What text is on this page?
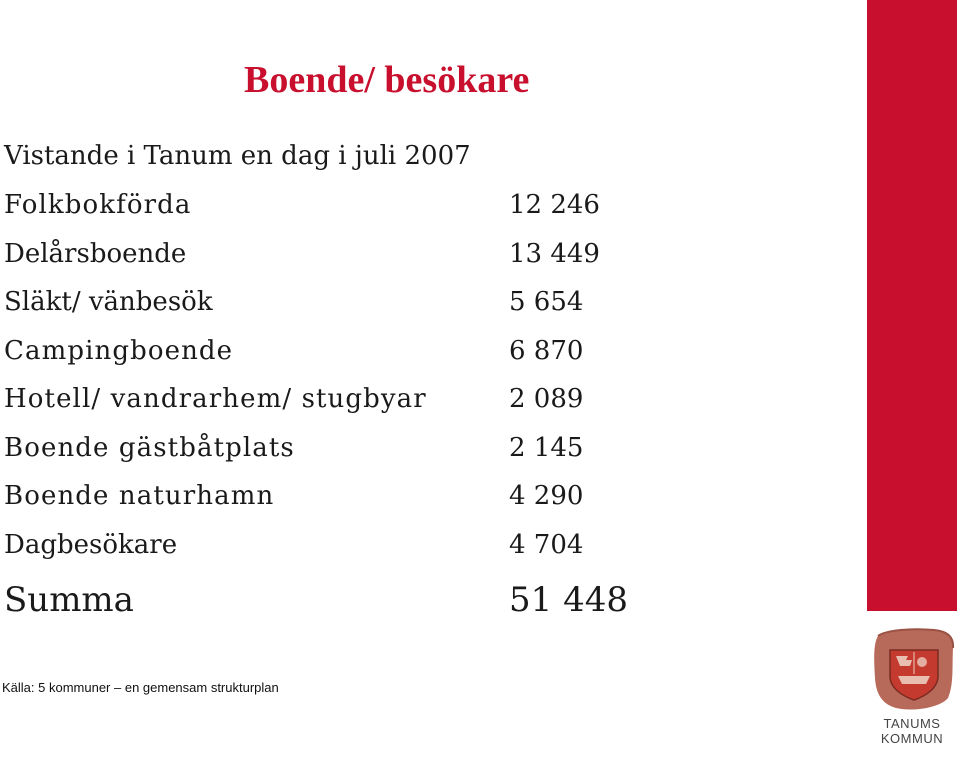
Boende/ besökare
Vistande i Tanum en dag i juli 2007
Folkbokförda	12 246
Delårsboende	13 449
Släkt/ vänbesök	5 654
Campingboende	6 870
Hotell/ vandrarhem/ stugbyar	2 089
Boende gästbåtplats	2 145
Boende naturhamn	4 290
Dagbesökare	4 704
Summa	51 448
Källa: 5 kommuner – en gemensam strukturplan
TANUMS
KOMMUN
